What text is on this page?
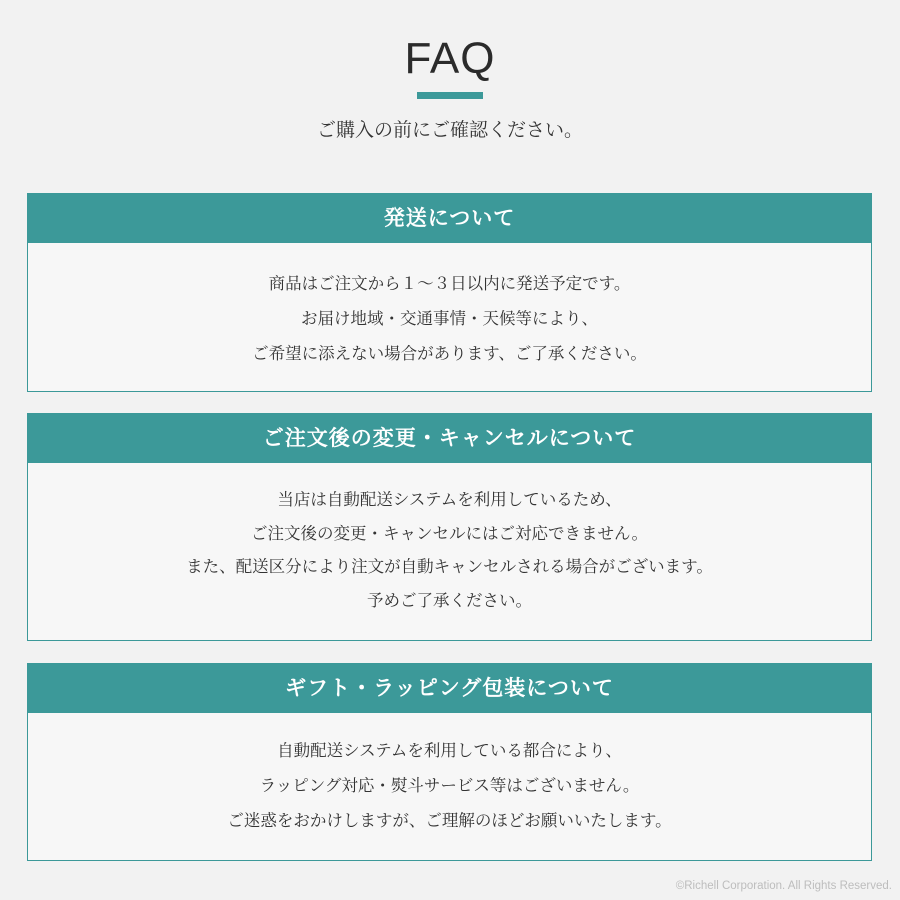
FAQ
ご購入の前にご確認ください。
発送について
商品はご注文から１～３日以内に発送予定です。
お届け地域・交通事情・天候等により、
ご希望に添えない場合があります、ご了承ください。
ご注文後の変更・キャンセルについて
当店は自動配送システムを利用しているため、
ご注文後の変更・キャンセルにはご対応できません。
また、配送区分により注文が自動キャンセルされる場合がございます。
予めご了承ください。
ギフト・ラッピング包装について
自動配送システムを利用している都合により、
ラッピング対応・熨斗サービス等はございません。
ご迷惑をおかけしますが、ご理解のほどお願いいたします。
©Richell Corporation. All Rights Reserved.
